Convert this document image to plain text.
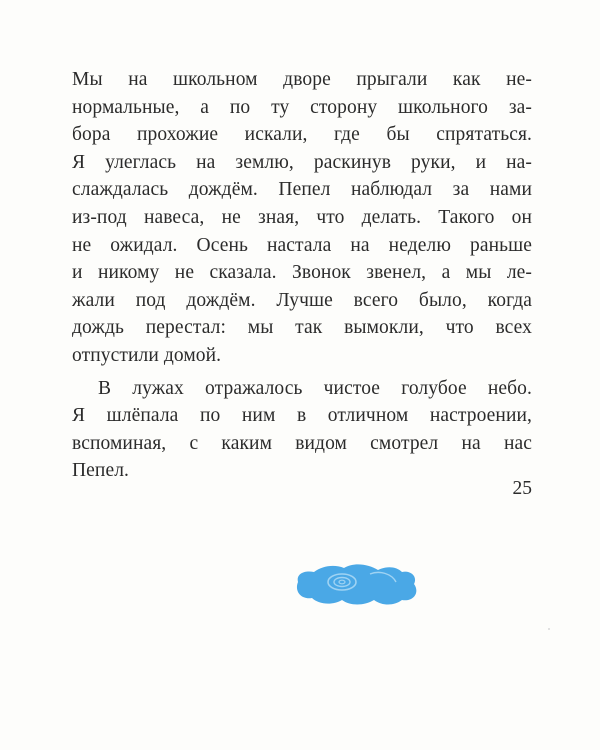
Мы на школьном дворе прыгали как не-
нормальные, а по ту сторону школьного за-
бора прохожие искали, где бы спрятаться.
Я улеглась на землю, раскинув руки, и на-
слаждалась дождём. Пепел наблюдал за нами
из-под навеса, не зная, что делать. Такого он
не ожидал. Осень настала на неделю раньше
и никому не сказала. Звонок звенел, а мы ле-
жали под дождём. Лучше всего было, когда
дождь перестал: мы так вымокли, что всех
отпустили домой.
В лужах отражалось чистое голубое небо.
Я шлёпала по ним в отличном настроении,
вспоминая, с каким видом смотрел на нас
Пепел.
25
